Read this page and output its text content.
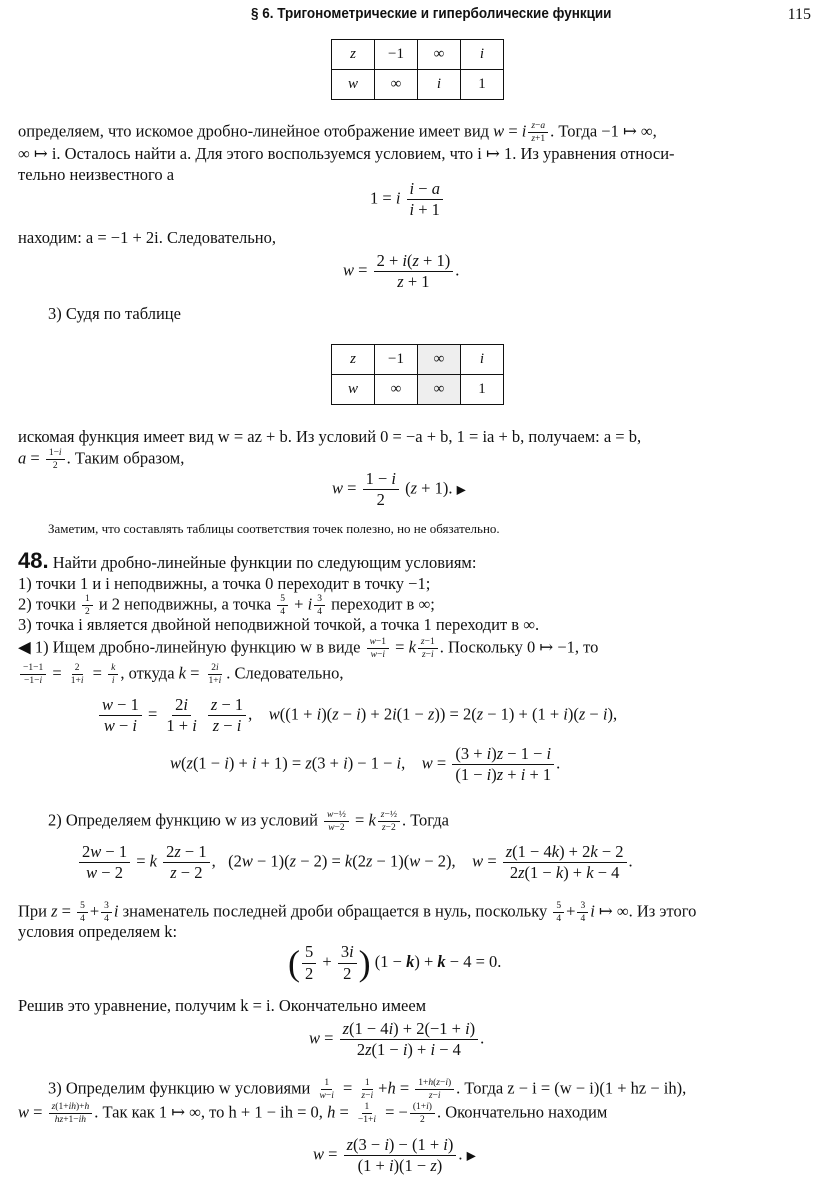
§ 6. Тригонометрические и гиперболические функции	115
z	−1	∞	i
w	∞	i	1
определяем, что искомое дробно-линейное отображение имеет вид w = i $\frac{z-a}{z+1}$ . Тогда −1 ↦ ∞,
∞ ↦ i. Осталось найти a. Для этого воспользуемся условием, что i ↦ 1. Из уравнения относи-
тельно неизвестного a
1 = i $\frac{i - a}{i + 1}$
находим: a = −1 + 2i. Следовательно,
$w = \frac{2 + i(z + 1)}{z + 1}$ .
3) Судя по таблице
z	−1	∞	i
w	∞	∞	1
искомая функция имеет вид w = az + b. Из условий 0 = −a + b, 1 = ia + b, получаем: a = b,
$a = \frac{1-i}{2}$ . Таким образом,
$w = \frac{1 - i}{2} (z + 1)$. ▶
Заметим, что составлять таблицы соответствия точек полезно, но не обязательно.
48. Найти дробно-линейные функции по следующим условиям:
1) точки 1 и i неподвижны, а точка 0 переходит в точку −1;
2) точки $\frac{1}{2}$ и 2 неподвижны, а точка $\frac{5}{4} + i \frac{3}{4}$ переходит в ∞;
3) точка i является двойной неподвижной точкой, а точка 1 переходит в ∞.
◀ 1) Ищем дробно-линейную функцию w в виде $\frac{w-1}{w-i} = k \frac{z-1}{z-i}$ . Поскольку 0 ↦ −1, то
$\frac{-1-1}{-1-i} = \frac{2}{1+i} = \frac{k}{i}$ , откуда $k = \frac{2i}{1+i}$ . Следовательно,
$\frac{w - 1}{w - i} = \frac{2i}{1 + i}$
$\frac{z - 1}{z - i}$ ,    w((1 + i)(z − i) + 2i(1 − z)) = 2(z − 1) + (1 + i)(z − i),
w(z(1 − i) + i + 1) = z(3 + i) − 1 − i,    $w = \frac{(3 + i)z - 1 - i}{(1 - i)z + i + 1}$ .
2) Определяем функцию w из условий $\frac{\text{w−½}}{w-2} = k \frac{\text{z−½}}{z-2}$ . Тогда
$\frac{2w - 1}{w - 2} = k \frac{2z - 1}{z - 2}$ ,   (2w − 1)(z − 2) = k(2z − 1)(w − 2),    $w = \frac{z(1 - 4k) + 2k - 2}{2z(1 - k) + k - 4}$ .
При $z = \frac{5}{4} + \frac{3}{4}$ i знаменатель последней дроби обращается в нуль, поскольку $\frac{5}{4} + \frac{3}{4}$ i ↦ ∞. Из этого
условия определяем k:
( $\frac{5}{2} + \frac{3i}{2}$ ) (1 − k) + k − 4 = 0.
Решив это уравнение, получим k = i. Окончательно имеем
$w = \frac{z(1 - 4i) + 2(-1 + i)}{2z(1 - i) + i - 4}$ .
3) Определим функцию w условиями $\frac{1}{w-i} = \frac{1}{z-i} +h = \frac{1+h(z-i)}{z-i}$ . Тогда z − i = (w − i)(1 + hz − ih),
$w = \frac{z(1+ih)+h}{hz+1-ih}$ . Так как 1 ↦ ∞, то h + 1 − ih = 0, $h = \frac{1}{-1+i}$ = − $\frac{(1+i)}{2}$ . Окончательно находим
$w = \frac{z(3 - i) - (1 + i)}{(1 + i)(1 - z)}$ . ▶
